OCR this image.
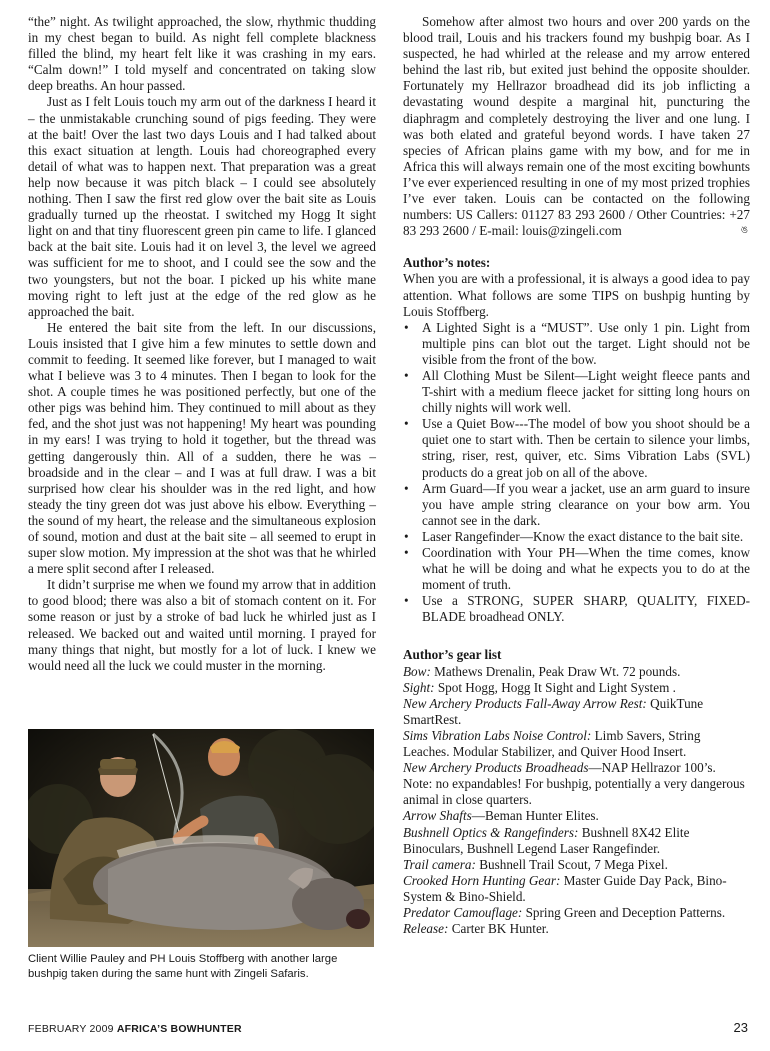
“the” night. As twilight approached, the slow, rhythmic thudding in my chest began to build. As night fell complete blackness filled the blind, my heart felt like it was crashing in my ears. “Calm down!” I told myself and concentrated on taking slow deep breaths. An hour passed.

Just as I felt Louis touch my arm out of the darkness I heard it – the unmistakable crunching sound of pigs feeding. They were at the bait! Over the last two days Louis and I had talked about this exact situation at length. Louis had choreographed every detail of what was to happen next. That preparation was a great help now because it was pitch black – I could see absolutely nothing. Then I saw the first red glow over the bait site as Louis gradually turned up the rheostat. I switched my Hogg It sight light on and that tiny fluorescent green pin came to life. I glanced back at the bait site. Louis had it on level 3, the level we agreed was sufficient for me to shoot, and I could see the sow and the two youngsters, but not the boar. I picked up his white mane moving right to left just at the edge of the red glow as he approached the bait.

He entered the bait site from the left. In our discussions, Louis insisted that I give him a few minutes to settle down and commit to feeding. It seemed like forever, but I managed to wait what I believe was 3 to 4 minutes. Then I began to look for the shot. A couple times he was positioned perfectly, but one of the other pigs was behind him. They continued to mill about as they fed, and the shot just was not happening! My heart was pounding in my ears! I was trying to hold it together, but the thread was getting dangerously thin. All of a sudden, there he was – broadside and in the clear – and I was at full draw. I was a bit surprised how clear his shoulder was in the red light, and how steady the tiny green dot was just above his elbow. Everything – the sound of my heart, the release and the simultaneous explosion of sound, motion and dust at the bait site – all seemed to erupt in super slow motion. My impression at the shot was that he whirled a mere split second after I released.

It didn’t surprise me when we found my arrow that in addition to good blood; there was also a bit of stomach content on it. For some reason or just by a stroke of bad luck he whirled just as I released. We backed out and waited until morning. I prayed for many things that night, but mostly for a lot of luck. I knew we would need all the luck we could muster in the morning.

Client Willie Pauley and PH Louis Stoffberg with another large bushpig taken during the same hunt with Zingeli Safaris.

Somehow after almost two hours and over 200 yards on the blood trail, Louis and his trackers found my bushpig boar. As I suspected, he had whirled at the release and my arrow entered behind the last rib, but exited just behind the opposite shoulder. Fortunately my Hellrazor broadhead did its job inflicting a devastating wound despite a marginal hit, puncturing the diaphragm and completely destroying the liver and one lung. I was both elated and grateful beyond words. I have taken 27 species of African plains game with my bow, and for me in Africa this will always remain one of the most exciting bowhunts I’ve ever experienced resulting in one of my most prized trophies I’ve ever taken. Louis can be contacted on the following numbers: US Callers: 01127 83 293 2600 / Other Countries: +27 83 293 2600 / E-mail: louis@zingeli.com	ঙ

Author’s notes:

When you are with a professional, it is always a good idea to pay attention. What follows are some TIPS on bushpig hunting by Louis Stoffberg.

• A Lighted Sight is a “MUST”. Use only 1 pin. Light from multiple pins can blot out the target. Light should not be visible from the front of the bow.
• All Clothing Must be Silent—Light weight fleece pants and T-shirt with a medium fleece jacket for sitting long hours on chilly nights will work well.
• Use a Quiet Bow---The model of bow you shoot should be a quiet one to start with. Then be certain to silence your limbs, string, riser, rest, quiver, etc. Sims Vibration Labs (SVL) products do a great job on all of the above.
• Arm Guard—If you wear a jacket, use an arm guard to insure you have ample string clearance on your bow arm. You cannot see in the dark.
• Laser Rangefinder—Know the exact distance to the bait site.
• Coordination with Your PH—When the time comes, know what he will be doing and what he expects you to do at the moment of truth.
• Use a STRONG, SUPER SHARP, QUALITY, FIXED-BLADE broadhead ONLY.
Author’s gear list
Bow: Mathews Drenalin, Peak Draw Wt. 72 pounds.
Sight: Spot Hogg, Hogg It Sight and Light System .
New Archery Products Fall-Away Arrow Rest: QuikTune SmartRest.
Sims Vibration Labs Noise Control: Limb Savers, String Leaches. Modular Stabilizer, and Quiver Hood Insert.
New Archery Products Broadheads—NAP Hellrazor 100’s.
Note: no expandables! For bushpig, potentially a very dangerous animal in close quarters.
Arrow Shafts—Beman Hunter Elites.
Bushnell Optics & Rangefinders: Bushnell 8X42 Elite Binoculars, Bushnell Legend Laser Rangefinder.
Trail camera: Bushnell Trail Scout, 7 Mega Pixel.
Crooked Horn Hunting Gear: Master Guide Day Pack, Bino-System & Bino-Shield.
Predator Camouflage: Spring Green and Deception Patterns.
Release: Carter BK Hunter.
FEBRUARY 2009 AFRICA’S BOWHUNTER	23
